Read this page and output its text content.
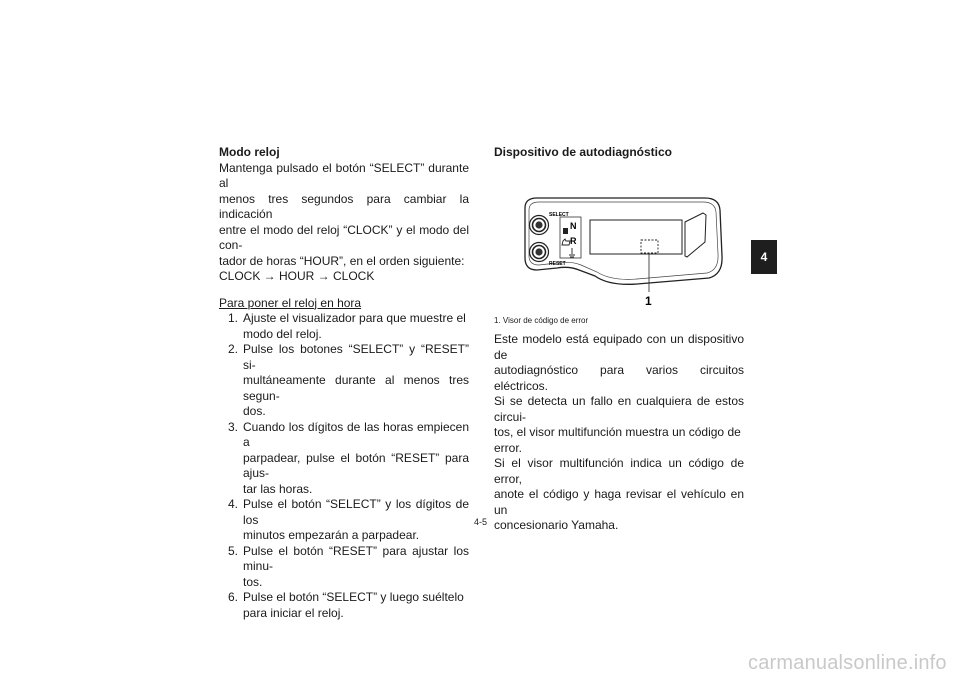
Modo reloj

Mantenga pulsado el botón “SELECT” durante al

menos tres segundos para cambiar la indicación

entre el modo del reloj “CLOCK” y el modo del con-

tador de horas “HOUR”, en el orden siguiente:

CLOCK → HOUR → CLOCK

Para poner el reloj en hora

1. Ajuste el visualizador para que muestre el
modo del reloj.
2. Pulse los botones “SELECT” y “RESET” si-
multáneamente durante al menos tres segun-
dos.
3. Cuando los dígitos de las horas empiecen a
parpadear, pulse el botón “RESET” para ajus-
tar las horas.
4. Pulse el botón “SELECT” y los dígitos de los
minutos empezarán a parpadear.
5. Pulse el botón “RESET” para ajustar los minu-
tos.
6. Pulse el botón “SELECT” y luego suéltelo
para iniciar el reloj.

Dispositivo de autodiagnóstico

SELECT
RESET
N
R
1
1. Visor de código de error

Este modelo está equipado con un dispositivo de

autodiagnóstico para varios circuitos eléctricos.

Si se detecta un fallo en cualquiera de estos circui-

tos, el visor multifunción muestra un código de

error.

Si el visor multifunción indica un código de error,

anote el código y haga revisar el vehículo en un

concesionario Yamaha.

4
4-5
carmanualsonline.info
